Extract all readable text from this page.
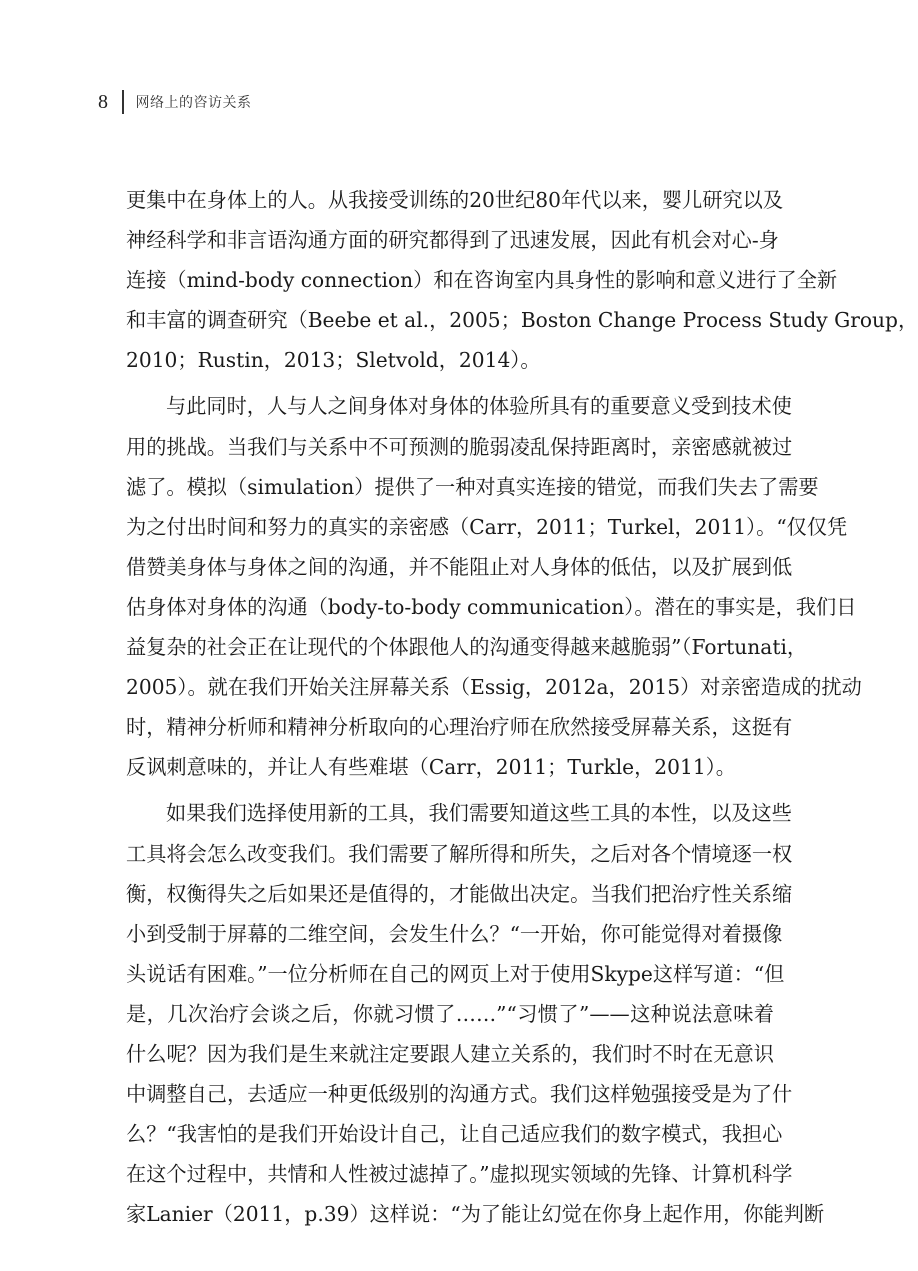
8 网络上的咨访关系
更集中在身体上的人。从我接受训练的20世纪80年代以来，婴儿研究以及
神经科学和非言语沟通方面的研究都得到了迅速发展，因此有机会对心-身
连接（mind-body connection）和在咨询室内具身性的影响和意义进行了全新
和丰富的调查研究（Beebe et al.，2005；Boston Change Process Study Group，
2010；Rustin，2013；Sletvold，2014）。
与此同时，人与人之间身体对身体的体验所具有的重要意义受到技术使
用的挑战。当我们与关系中不可预测的脆弱凌乱保持距离时，亲密感就被过
滤了。模拟（simulation）提供了一种对真实连接的错觉，而我们失去了需要
为之付出时间和努力的真实的亲密感（Carr，2011；Turkel，2011）。“仅仅凭
借赞美身体与身体之间的沟通，并不能阻止对人身体的低估，以及扩展到低
估身体对身体的沟通（body-to-body communication）。潜在的事实是，我们日
益复杂的社会正在让现代的个体跟他人的沟通变得越来越脆弱”（Fortunati，
2005）。就在我们开始关注屏幕关系（Essig，2012a，2015）对亲密造成的扰动
时，精神分析师和精神分析取向的心理治疗师在欣然接受屏幕关系，这挺有
反讽刺意味的，并让人有些难堪（Carr，2011；Turkle，2011）。
如果我们选择使用新的工具，我们需要知道这些工具的本性，以及这些
工具将会怎么改变我们。我们需要了解所得和所失，之后对各个情境逐一权
衡，权衡得失之后如果还是值得的，才能做出决定。当我们把治疗性关系缩
小到受制于屏幕的二维空间，会发生什么？“一开始，你可能觉得对着摄像
头说话有困难。”一位分析师在自己的网页上对于使用Skype这样写道：“但
是，几次治疗会谈之后，你就习惯了……”“习惯了”——这种说法意味着
什么呢？因为我们是生来就注定要跟人建立关系的，我们时不时在无意识
中调整自己，去适应一种更低级别的沟通方式。我们这样勉强接受是为了什
么？“我害怕的是我们开始设计自己，让自己适应我们的数字模式，我担心
在这个过程中，共情和人性被过滤掉了。”虚拟现实领域的先锋、计算机科学
家Lanier（2011，p.39）这样说：“为了能让幻觉在你身上起作用，你能判断
